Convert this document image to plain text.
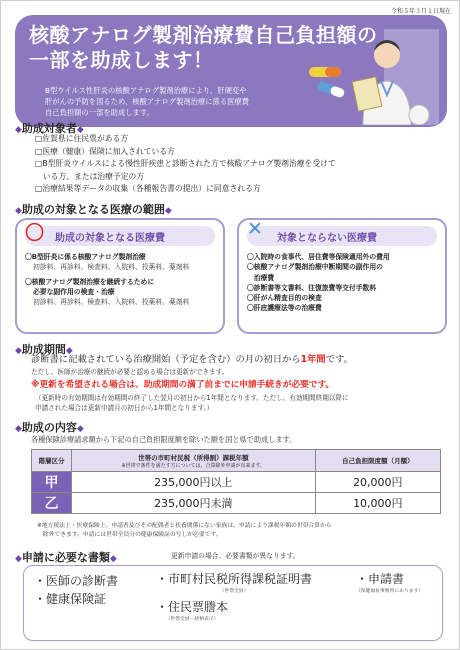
令和５年３月１日現在
核酸アナログ製剤治療費自己負担額の
一部を助成します！
B型ウイルス性肝炎の核酸アナログ製剤治療により、肝硬変や
肝がんの予防を図るため、核酸アナログ製剤治療に係る医療費
自己負担額の一部を助成します。
◆助成対象者◆
□佐賀県に住民票がある方
□医療（健康）保険に加入されている方
□B型肝炎ウイルスによる慢性肝疾患と診断された方で核酸アナログ製剤治療を受けて
　いる方、または治療予定の方
□治療結果等データの収集（各種報告書の提出）に同意される方
◆助成の対象となる医療の範囲◆
助成の対象となる医療費
〇
〇B型肝炎に係る核酸アナログ製剤治療
初診料、再診料、検査料、入院料、投薬料、薬剤料
〇核酸アナログ製剤治療を継続するために
必要な副作用の検査・治療
初診料、再診料、検査料、入院料、投薬料、薬剤料
対象とならない医療費
✕
〇入院時の食事代、居住費等保険適用外の費用
〇核酸アナログ製剤治療中断期間の副作用の
　治療費
〇診断書等文書料、往復旅費等交付手数料
〇肝がん精査目的の検査
〇肝庇護療法等の治療費
◆助成期間◆
診断書に記載されている治療開始（予定を含む）の月の初日から1年間です。
ただし、医師が治療の継続が必要と認める場合は更新ができます。
※更新を希望される場合は、助成期間の満了前までに申請手続きが必要です。
（更新時の有効期間は有効期間の終了した翌月の初日から1年間となります。ただし、有効期間終期以降に
申請された場合は更新申請月の初日から1年間となります。）
◆助成の内容◆
各種保険診療請求額から下記の自己負担限度額を除いた額を国と県で助成します。
階層区分	世帯の市町村民税（所得割）課税年額
※世帯で条件を満たす方については、合算除外申請が出来ます。	自己負担限度額（月額）
甲	235,000円以上	20,000円
乙	235,000円未満	10,000円
※地方税法上・医療保険上、申請者及びその配偶者と扶養関係にない家族は、申請により課税年額の世帯合算から
　除外できます。申請には世帯全員分の健康保険証の写しが必要です。
◆申請に必要な書類◆	更新申請の場合、必要書類が異なります。
・医師の診断書
・健康保険証
・市町村民税所得課税証明書
（世帯全員）
・住民票謄本
（世帯全員・続柄表示）
・申請書
（保健福祉事務所にあります）
